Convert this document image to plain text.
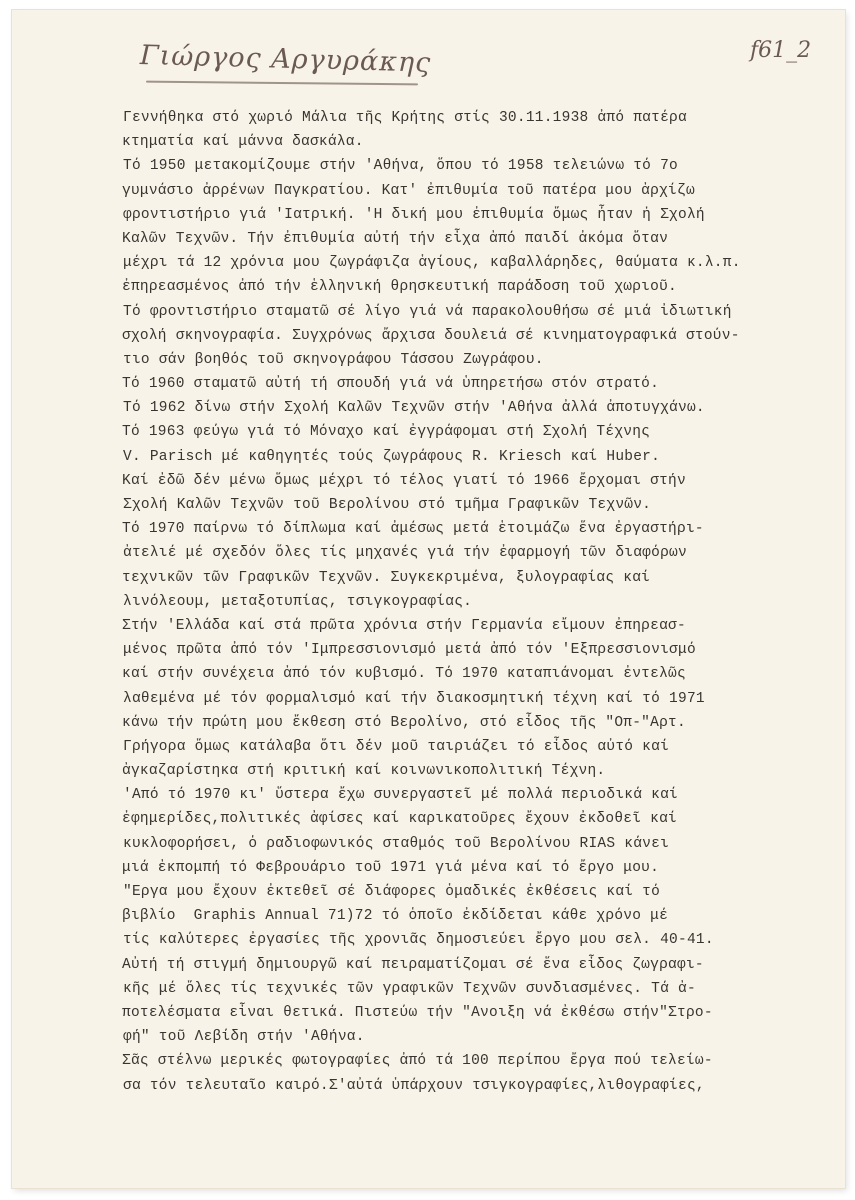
Γιώργος Αργυράκης	f61_2
Γεννήθηκα στό χωριό Μάλια τῆς Κρήτης στίς 30.11.1938 ἀπό πατέρα
κτηματία καί μάννα δασκάλα.
Τό 1950 μετακομίζουμε στήν 'Αθήνα, ὅπου τό 1958 τελειώνω τό 7ο
γυμνάσιο ἀρρένων Παγκρατίου. Κατ' ἐπιθυμία τοῦ πατέρα μου ἀρχίζω
φροντιστήριο γιά 'Ιατρική. 'Η δική μου ἐπιθυμία ὅμως ἦταν ἡ Σχολή
Καλῶν Τεχνῶν. Τήν ἐπιθυμία αὐτή τήν εἶχα ἀπό παιδί ἀκόμα ὅταν
μέχρι τά 12 χρόνια μου ζωγράφιζα ἁγίους, καβαλλάρηδες, θαύματα κ.λ.π.
ἐπηρεασμένος ἀπό τήν ἑλληνική θρησκευτική παράδοση τοῦ χωριοῦ.
Τό φροντιστήριο σταματῶ σέ λίγο γιά νά παρακολουθήσω σέ μιά ἰδιωτική
σχολή σκηνογραφία. Συγχρόνως ἄρχισα δουλειά σέ κινηματογραφικά στούν-
τιο σάν βοηθός τοῦ σκηνογράφου Τάσσου Ζωγράφου.
Τό 1960 σταματῶ αὐτή τή σπουδή γιά νά ὑπηρετήσω στόν στρατό.
Τό 1962 δίνω στήν Σχολή Καλῶν Τεχνῶν στήν 'Αθήνα ἀλλά ἀποτυγχάνω.
Τό 1963 φεύγω γιά τό Μόναχο καί ἐγγράφομαι στή Σχολή Τέχνης
V. Parisch μέ καθηγητές τούς ζωγράφους R. Kriesch καί Huber.
Καί ἐδῶ δέν μένω ὅμως μέχρι τό τέλος γιατί τό 1966 ἔρχομαι στήν
Σχολή Καλῶν Τεχνῶν τοῦ Βερολίνου στό τμῆμα Γραφικῶν Τεχνῶν.
Τό 1970 παίρνω τό δίπλωμα καί ἀμέσως μετά ἑτοιμάζω ἕνα ἐργαστήρι-
ἀτελιέ μέ σχεδόν ὅλες τίς μηχανές γιά τήν ἐφαρμογή τῶν διαφόρων
τεχνικῶν τῶν Γραφικῶν Τεχνῶν. Συγκεκριμένα, ξυλογραφίας καί
λινόλεουμ, μεταξοτυπίας, τσιγκογραφίας.
Στήν 'Ελλάδα καί στά πρῶτα χρόνια στήν Γερμανία εἴμουν ἐπηρεασ-
μένος πρῶτα ἀπό τόν 'Ιμπρεσσιονισμό μετά ἀπό τόν 'Εξπρεσσιονισμό
καί στήν συνέχεια ἀπό τόν κυβισμό. Τό 1970 καταπιάνομαι ἐντελῶς
λαθεμένα μέ τόν φορμαλισμό καί τήν διακοσμητική τέχνη καί τό 1971
κάνω τήν πρώτη μου ἔκθεση στό Βερολίνο, στό εἶδος τῆς "Οπ-"Αρτ.
Γρήγορα ὅμως κατάλαβα ὅτι δέν μοῦ ταιριάζει τό εἶδος αὐτό καί
ἀγκαζαρίστηκα στή κριτική καί κοινωνικοπολιτική Τέχνη.
'Από τό 1970 κι' ὕστερα ἔχω συνεργαστεῖ μέ πολλά περιοδικά καί
ἐφημερίδες,πολιτικές ἀφίσες καί καρικατοῦρες ἔχουν ἐκδοθεῖ καί
κυκλοφορήσει, ὁ ραδιοφωνικός σταθμός τοῦ Βερολίνου RIAS κάνει
μιά ἐκπομπή τό Φεβρουάριο τοῦ 1971 γιά μένα καί τό ἔργο μου.
"Εργα μου ἔχουν ἐκτεθεῖ σέ διάφορες ὁμαδικές ἐκθέσεις καί τό
βιβλίο  Graphis Annual 71)72 τό ὁποῖο ἐκδίδεται κάθε χρόνο μέ
τίς καλύτερες ἐργασίες τῆς χρονιᾶς δημοσιεύει ἔργο μου σελ. 40-41.
Αὐτή τή στιγμή δημιουργῶ καί πειραματίζομαι σέ ἕνα εἶδος ζωγραφι-
κῆς μέ ὅλες τίς τεχνικές τῶν γραφικῶν Τεχνῶν συνδιασμένες. Τά ἀ-
ποτελέσματα εἶναι θετικά. Πιστεύω τήν "Ανοιξη νά ἐκθέσω στήν"Στρο-
φή" τοῦ Λεβίδη στήν 'Αθήνα.
Σᾶς στέλνω μερικές φωτογραφίες ἀπό τά 100 περίπου ἔργα πού τελείω-
σα τόν τελευταῖο καιρό.Σ'αὐτά ὑπάρχουν τσιγκογραφίες,λιθογραφίες,
